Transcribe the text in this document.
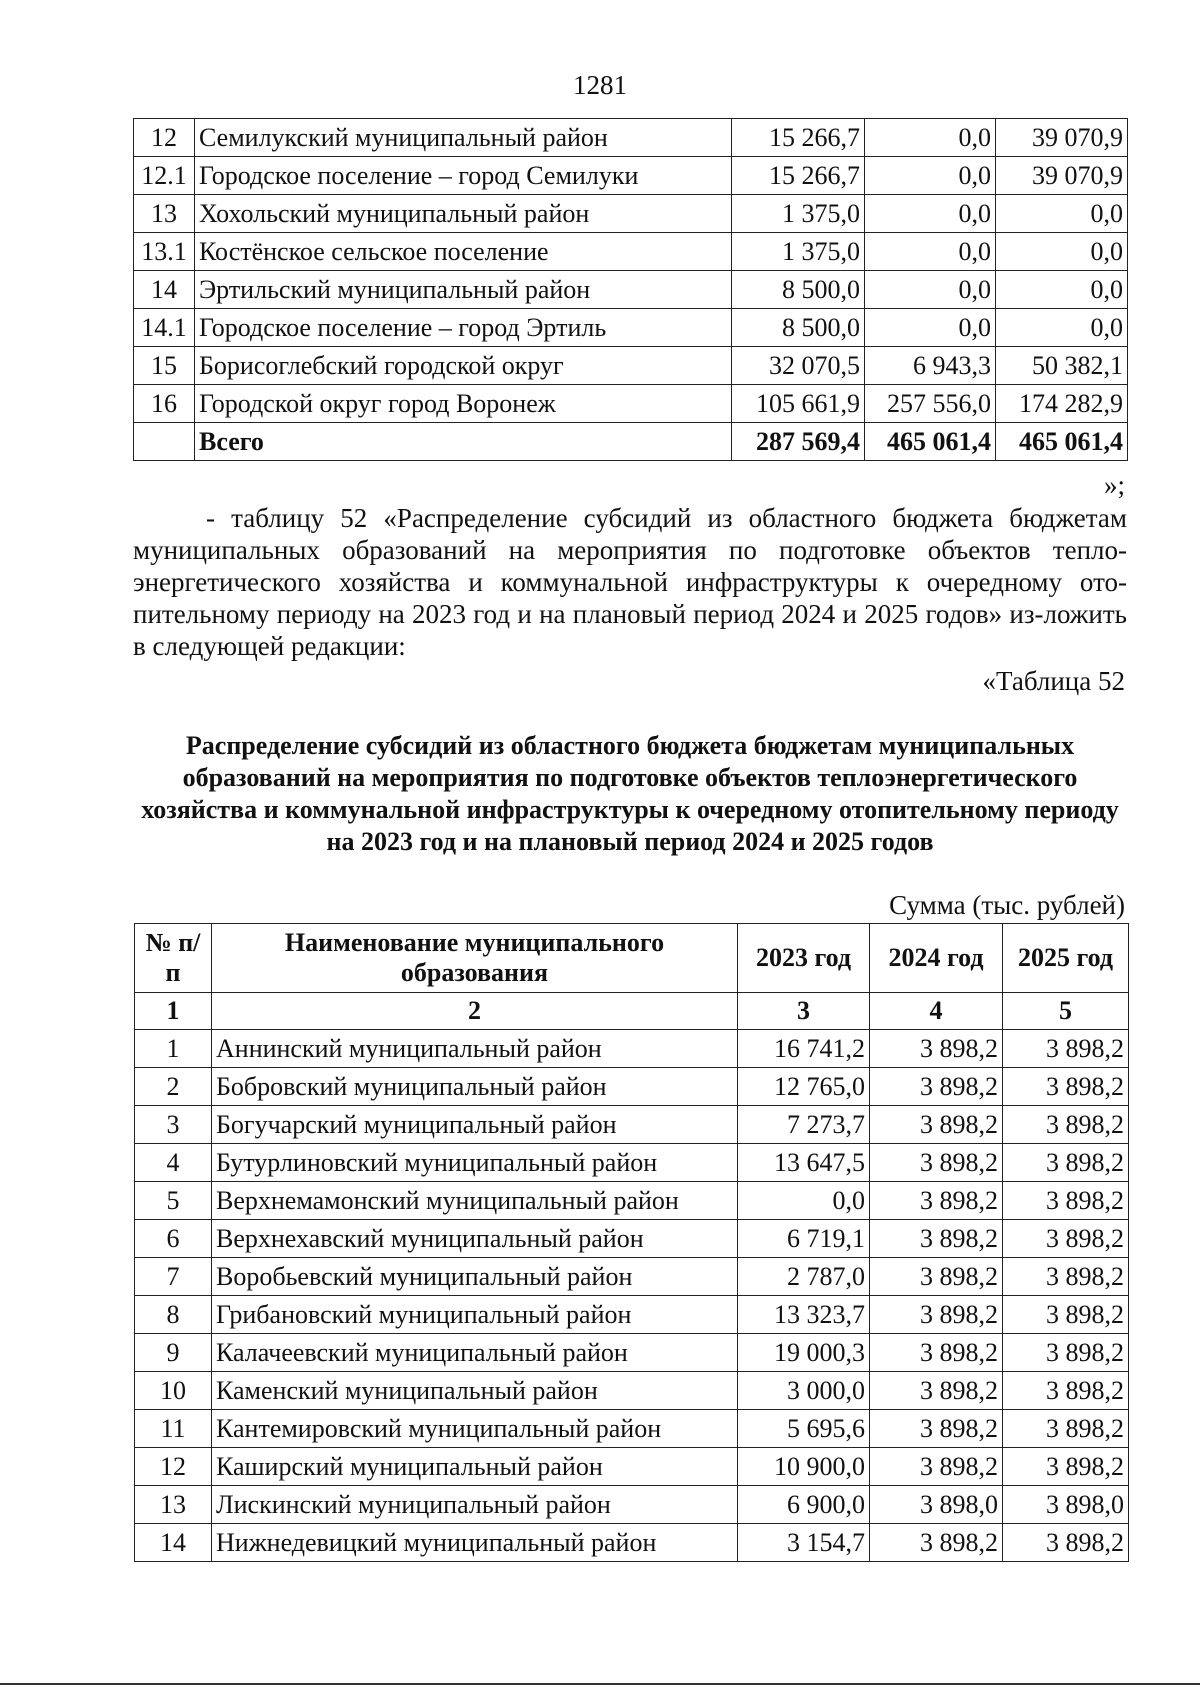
1281
12	Семилукский муниципальный район	15 266,7	0,0	39 070,9
12.1	Городское поселение – город Семилуки	15 266,7	0,0	39 070,9
13	Хохольский муниципальный район	1 375,0	0,0	0,0
13.1	Костёнское сельское поселение	1 375,0	0,0	0,0
14	Эртильский муниципальный район	8 500,0	0,0	0,0
14.1	Городское поселение – город Эртиль	8 500,0	0,0	0,0
15	Борисоглебский городской округ	32 070,5	6 943,3	50 382,1
16	Городской округ город Воронеж	105 661,9	257 556,0	174 282,9
	Всего	287 569,4	465 061,4	465 061,4
»;
- таблицу 52 «Распределение субсидий из областного бюджета бюджетам муниципальных образований на мероприятия по подготовке объектов тепло-энергетического хозяйства и коммунальной инфраструктуры к очередному ото-пительному периоду на 2023 год и на плановый период 2024 и 2025 годов» из-ложить в следующей редакции:
«Таблица 52
Распределение субсидий из областного бюджета бюджетам муниципальных образований на мероприятия по подготовке объектов теплоэнергетического хозяйства и коммунальной инфраструктуры к очередному отопительному периоду на 2023 год и на плановый период 2024 и 2025 годов
Сумма (тыс. рублей)
№ п/п	Наименование муниципального образования	2023 год	2024 год	2025 год
1	2	3	4	5
1	Аннинский муниципальный район	16 741,2	3 898,2	3 898,2
2	Бобровский муниципальный район	12 765,0	3 898,2	3 898,2
3	Богучарский муниципальный район	7 273,7	3 898,2	3 898,2
4	Бутурлиновский муниципальный район	13 647,5	3 898,2	3 898,2
5	Верхнемамонский муниципальный район	0,0	3 898,2	3 898,2
6	Верхнехавский муниципальный район	6 719,1	3 898,2	3 898,2
7	Воробьевский муниципальный район	2 787,0	3 898,2	3 898,2
8	Грибановский муниципальный район	13 323,7	3 898,2	3 898,2
9	Калачеевский муниципальный район	19 000,3	3 898,2	3 898,2
10	Каменский муниципальный район	3 000,0	3 898,2	3 898,2
11	Кантемировский муниципальный район	5 695,6	3 898,2	3 898,2
12	Каширский муниципальный район	10 900,0	3 898,2	3 898,2
13	Лискинский муниципальный район	6 900,0	3 898,0	3 898,0
14	Нижнедевицкий муниципальный район	3 154,7	3 898,2	3 898,2
